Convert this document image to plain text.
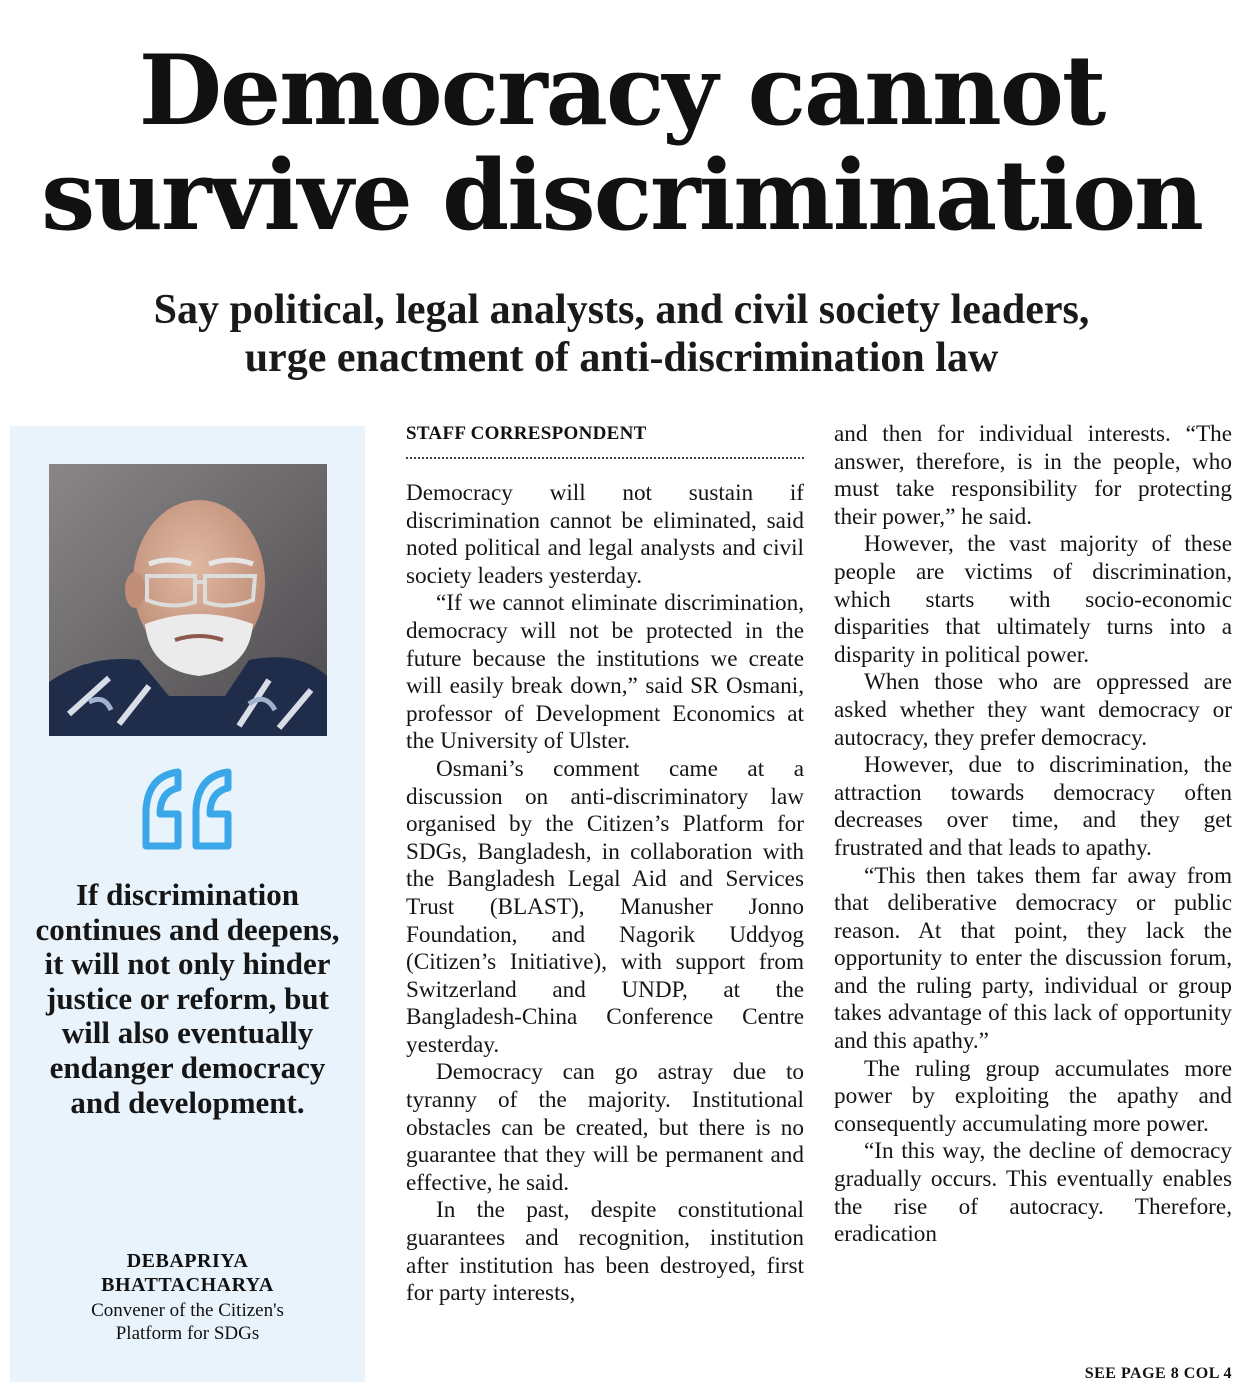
Democracy cannot
survive discrimination
Say political, legal analysts, and civil society leaders,
urge enactment of anti-discrimination law

If discrimination continues and deepens, it will not only hinder justice or reform, but will also eventually endanger democracy and development.

DEBAPRIYA
BHATTACHARYA
Convener of the Citizen's
Platform for SDGs
STAFF CORRESPONDENT

Democracy will not sustain if discrimination cannot be eliminated, said noted political and legal analysts and civil society leaders yesterday.

“If we cannot eliminate discrimination, democracy will not be protected in the future because the institutions we create will easily break down,” said SR Osmani, professor of Development Economics at the University of Ulster.

Osmani’s comment came at a discussion on anti-discriminatory law organised by the Citizen’s Platform for SDGs, Bangladesh, in collaboration with the Bangladesh Legal Aid and Services Trust (BLAST), Manusher Jonno Foundation, and Nagorik Uddyog (Citizen’s Initiative), with support from Switzerland and UNDP, at the Bangladesh-China Conference Centre yesterday.

Democracy can go astray due to tyranny of the majority. Institutional obstacles can be created, but there is no guarantee that they will be permanent and effective, he said.

In the past, despite constitutional guarantees and recognition, institution after institution has been destroyed, first for party interests,

and then for individual interests. “The answer, therefore, is in the people, who must take responsibility for protecting their power,” he said.

However, the vast majority of these people are victims of discrimination, which starts with socio-economic disparities that ultimately turns into a disparity in political power.

When those who are oppressed are asked whether they want democracy or autocracy, they prefer democracy.

However, due to discrimination, the attraction towards democracy often decreases over time, and they get frustrated and that leads to apathy.

“This then takes them far away from that deliberative democracy or public reason. At that point, they lack the opportunity to enter the discussion forum, and the ruling party, individual or group takes advantage of this lack of opportunity and this apathy.”

The ruling group accumulates more power by exploiting the apathy and consequently accumulating more power.

“In this way, the decline of democracy gradually occurs. This eventually enables the rise of autocracy. Therefore, eradication

SEE PAGE 8 COL 4
